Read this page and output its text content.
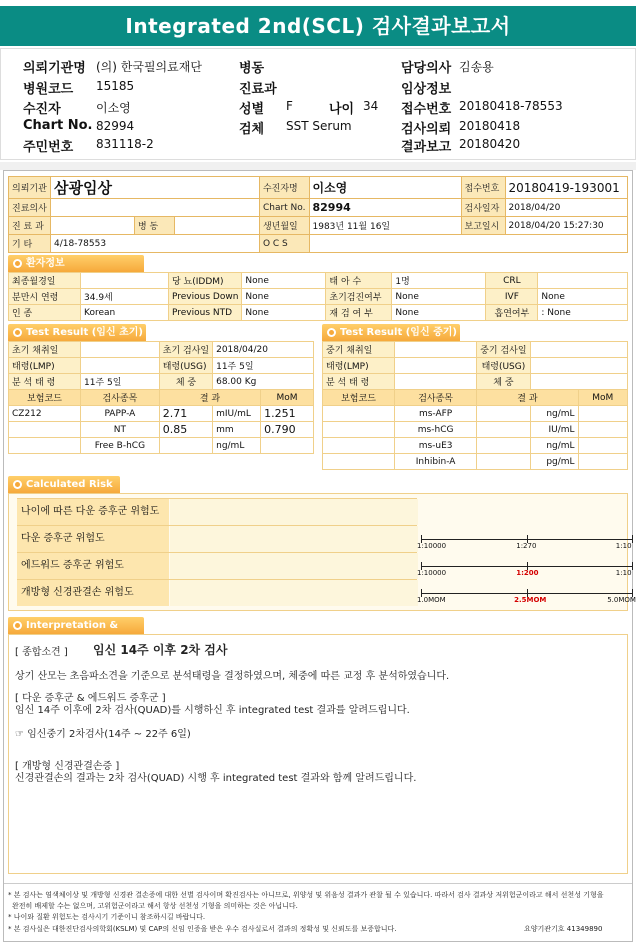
Integrated 2nd(SCL) 검사결과보고서
의뢰기관명 (의) 한국필의료재단
병원코드 15185
수진자	이소영
Chart No. 82994
주민번호 831118-2
병동
진료과
성별 F	나이 34
검체 SST Serum
담당의사 김송용
임상정보
접수번호 20180418-78553
검사의뢰 20180418
결과보고 20180420
의뢰기관	삼광임상			수진자명	이소영	접수번호	20180419-193001
진료의사				Chart No.	82994	검사일자	2018/04/20
진 료 과		병 동		생년월일	1983년 11월 16일	보고일시	2018/04/20 15:27:30
기 타	4/18-78553			O C S			
환자정보
최종월경일		당 뇨(IDDM)	None	태 아 수	1명	CRL	
분만시 연령	34.9세	Previous Down	None	초기검진여부	None	IVF	None
인 종	Korean	Previous NTD	None	재 검 여 부	None	흡연여부	: None
Test Result (임신 초기)
초기 채취일		초기 검사일	2018/04/20	
태령(LMP)		태령(USG)	11주 5일	
분 석 태 령	11주 5일	체 중	68.00 Kg	
보험코드	검사종목	결 과		MoM
CZ212	PAPP-A	2.71	mIU/mL	1.251
	NT	0.85	mm	0.790
	Free B-hCG		ng/mL	
Test Result (임신 중기)
중기 채취일		중기 검사일		
태령(LMP)		태령(USG)		
분 석 태 령		체 중		
보험코드	검사종목	결 과		MoM
	ms-AFP		ng/mL	
	ms-hCG		IU/mL	
	ms-uE3		ng/mL	
	Inhibin-A		pg/mL	
Calculated Risk
나이에 따른 다운 증후군 위험도
다운 증후군 위험도
에드워드 증후군 위험도
개방형 신경관결손 위험도
1:10000	1:270	1:10
1:10000	1:200	1:10
1.0MOM	2.5MOM	5.0MOM
Interpretation &
[ 종합소견 ] 임신 14주 이후 2차 검사
상기 산모는 초음파소견을 기준으로 분석태령을 결정하였으며, 체중에 따른 교정 후 분석하였습니다.
[ 다운 증후군 & 에드워드 증후군 ]
임신 14주 이후에 2차 검사(QUAD)를 시행하신 후 integrated test 결과를 알려드립니다.
☞ 임신중기 2차검사(14주 ~ 22주 6일)
[ 개방형 신경관결손증 ]
신경관결손의 결과는 2차 검사(QUAD) 시행 후 integrated test 결과와 함께 알려드립니다.
* 본 검사는 염색체이상 및 개방형 신경관 결손증에 대한 선별 검사이며 확진검사는 아니므로, 위양성 및 위음성 결과가 관찰 될 수 있습니다. 따라서 검사 결과상 저위험군이라고 해서 선천성 기형을
완전히 배제할 수는 없으며, 고위험군이라고 해서 항상 선천성 기형을 의미하는 것은 아닙니다.
* 나이와 질환 위험도는 검사시기 기준이니 참조하시길 바랍니다.
* 본 검사실은 대한진단검사의학회(KSLM) 및 CAP의 신임 인증을 받은 우수 검사실로서 결과의 정확성 및 신뢰도를 보증합니다.	요양기관기호 41349890
